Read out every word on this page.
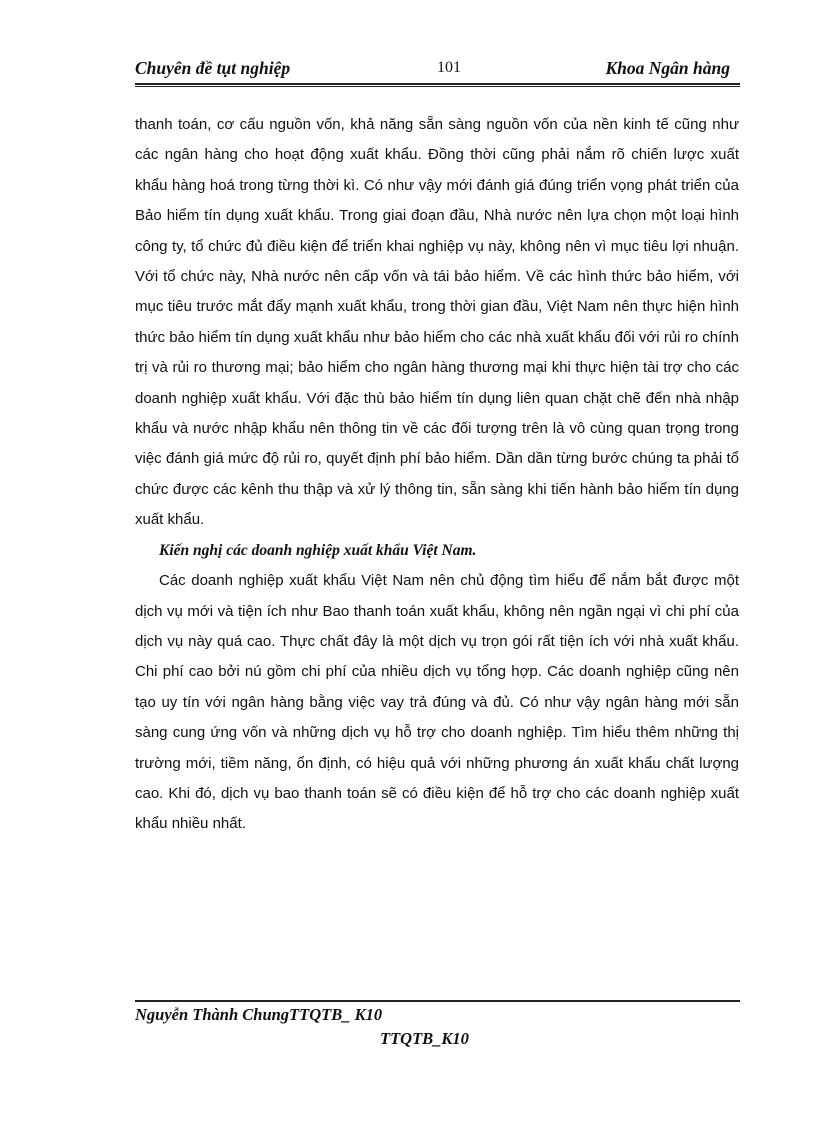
Chuyên đề tụt nghiệp	101	Khoa Ngân hàng

thanh toán, cơ cấu nguồn vốn, khả năng sẵn sàng nguồn vốn của nền kinh tế cũng như các ngân hàng cho hoạt động xuất khẩu. Đồng thời cũng phải nắm rõ chiến lược xuất khẩu hàng hoá trong từng thời kì. Có như vậy mới đánh giá đúng triển vọng phát triển của Bảo hiểm tín dụng xuất khẩu. Trong giai đoạn đầu, Nhà nước nên lựa chọn một loại hình công ty, tổ chức đủ điều kiện để triển khai nghiệp vụ này, không nên vì mục tiêu lợi nhuận. Với tổ chức này, Nhà nước nên cấp vốn và tái bảo hiểm. Về các hình thức bảo hiểm, với mục tiêu trước mắt đẩy mạnh xuất khẩu, trong thời gian đầu, Việt Nam nên thực hiện hình thức bảo hiểm tín dụng xuất khẩu như bảo hiểm cho các nhà xuất khẩu đối với rủi ro chính trị và rủi ro thương mại; bảo hiểm cho ngân hàng thương mại khi thực hiện tài trợ cho các doanh nghiệp xuất khẩu. Với đặc thù bảo hiểm tín dụng liên quan chặt chẽ đến nhà nhập khẩu và nước nhập khẩu nên thông tin về các đối tượng trên là vô cùng quan trọng trong việc đánh giá mức độ rủi ro, quyết định phí bảo hiểm. Dần dần từng bước chúng ta phải tổ chức được các kênh thu thập và xử lý thông tin, sẵn sàng khi tiến hành bảo hiểm tín dụng xuất khẩu.

Kiến nghị các doanh nghiệp xuất khẩu Việt Nam.

Các doanh nghiệp xuất khẩu Việt Nam nên chủ động tìm hiểu để nắm bắt được một dịch vụ mới và tiện ích như Bao thanh toán xuất khẩu, không nên ngần ngại vì chi phí của dịch vụ này quá cao. Thực chất đây là một dịch vụ trọn gói rất tiện ích với nhà xuất khẩu. Chi phí cao bởi nú gồm chi phí của nhiều dịch vụ tổng hợp. Các doanh nghiệp cũng nên tạo uy tín với ngân hàng bằng việc vay trả đúng và đủ. Có như vậy ngân hàng mới sẵn sàng cung ứng vốn và những dịch vụ hỗ trợ cho doanh nghiệp. Tìm hiểu thêm những thị trường mới, tiềm năng, ổn định, có hiệu quả với những phương án xuất khẩu chất lượng cao. Khi đó, dịch vụ bao thanh toán sẽ có điều kiện để hỗ trợ cho các doanh nghiệp xuất khẩu nhiều nhất.

Nguyễn Thành ChungTTQTB_ K10
TTQTB_K10
